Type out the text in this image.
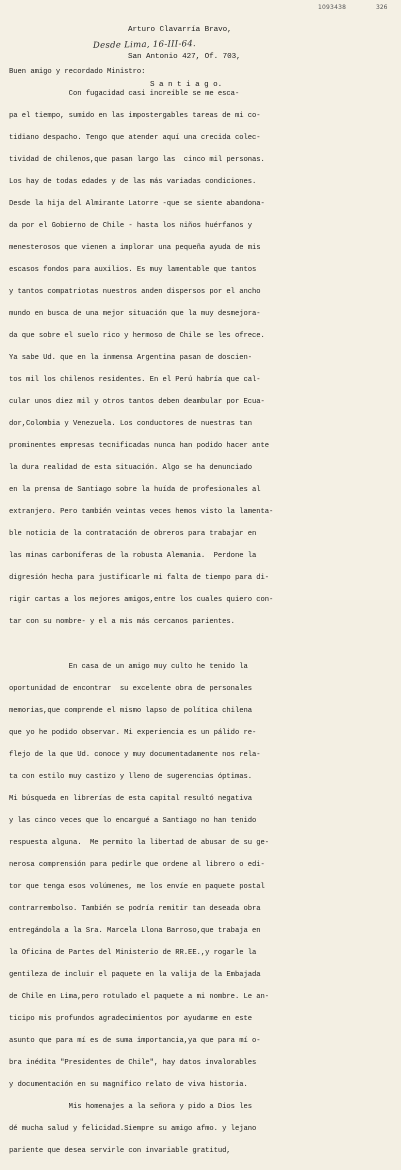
1093438	326

Arturo Clavarría Bravo,

San Antonio 427, Of. 703,

S a n t i a g o.

Desde Lima, 16-III-64.

Buen amigo y recordado Ministro:

Con fugacidad casi increíble se me esca-

pa el tiempo, sumido en las impostergables tareas de mi co-

tidiano despacho. Tengo que atender aquí una crecida colec-

tividad de chilenos,que pasan largo las  cinco mil personas.

Los hay de todas edades y de las más variadas condiciones.

Desde la hija del Almirante Latorre -que se siente abandona-

da por el Gobierno de Chile - hasta los niños huérfanos y

menesterosos que vienen a implorar una pequeña ayuda de mis

escasos fondos para auxilios. Es muy lamentable que tantos

y tantos compatriotas nuestros anden dispersos por el ancho

mundo en busca de una mejor situación que la muy desmejora-

da que sobre el suelo rico y hermoso de Chile se les ofrece.

Ya sabe Ud. que en la inmensa Argentina pasan de doscien-

tos mil los chilenos residentes. En el Perú habría que cal-

cular unos diez mil y otros tantos deben deambular por Ecua-

dor,Colombia y Venezuela. Los conductores de nuestras tan

prominentes empresas tecnificadas nunca han podido hacer ante

la dura realidad de esta situación. Algo se ha denunciado

en la prensa de Santiago sobre la huída de profesionales al

extranjero. Pero también veintas veces hemos visto la lamenta-

ble noticia de la contratación de obreros para trabajar en

las minas carboníferas de la robusta Alemania.  Perdone la

digresión hecha para justificarle mi falta de tiempo para di-

rigir cartas a los mejores amigos,entre los cuales quiero con-

tar con su nombre- y el a mis más cercanos parientes.

En casa de un amigo muy culto he tenido la

oportunidad de encontrar  su excelente obra de personales

memorias,que comprende el mismo lapso de política chilena

que yo he podido observar. Mi experiencia es un pálido re-

flejo de la que Ud. conoce y muy documentadamente nos rela-

ta con estilo muy castizo y lleno de sugerencias óptimas.

Mi búsqueda en librerías de esta capital resultó negativa

y las cinco veces que lo encargué a Santiago no han tenido

respuesta alguna.  Me permito la libertad de abusar de su ge-

nerosa comprensión para pedirle que ordene al librero o edi-

tor que tenga esos volúmenes, me los envíe en paquete postal

contrarrembolso. También se podría remitir tan deseada obra

entregándola a la Sra. Marcela Llona Barroso,que trabaja en

la Oficina de Partes del Ministerio de RR.EE.,y rogarle la

gentileza de incluir el paquete en la valija de la Embajada

de Chile en Lima,pero rotulado el paquete a mi nombre. Le an-

ticipo mis profundos agradecimientos por ayudarme en este

asunto que para mí es de suma importancia,ya que para mí o-

bra inédita "Presidentes de Chile", hay datos invalorables

y documentación en su magnífico relato de viva historia.

Mis homenajes a la señora y pido a Dios les

dé mucha salud y felicidad.Siempre su amigo afmo. y lejano

pariente que desea servirle con invariable gratitud,
